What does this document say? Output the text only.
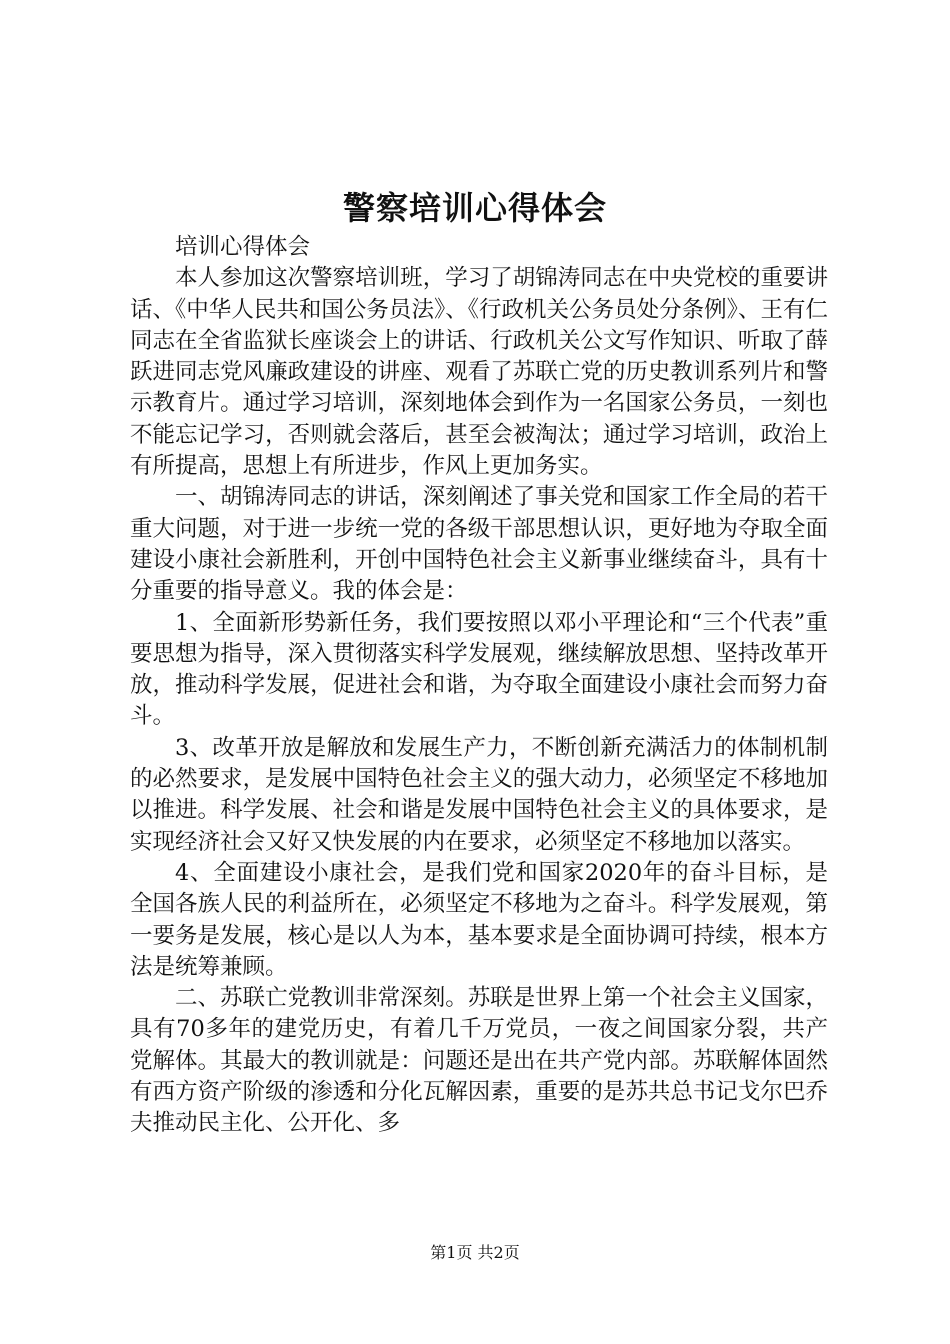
警察培训心得体会

培训心得体会

本人参加这次警察培训班，学习了胡锦涛同志在中央党校的重要讲话、《中华人民共和国公务员法》、《行政机关公务员处分条例》、王有仁同志在全省监狱长座谈会上的讲话、行政机关公文写作知识、听取了薛跃进同志党风廉政建设的讲座、观看了苏联亡党的历史教训系列片和警示教育片。通过学习培训，深刻地体会到作为一名国家公务员，一刻也不能忘记学习，否则就会落后，甚至会被淘汰；通过学习培训，政治上有所提高，思想上有所进步，作风上更加务实。

一、胡锦涛同志的讲话，深刻阐述了事关党和国家工作全局的若干重大问题，对于进一步统一党的各级干部思想认识，更好地为夺取全面建设小康社会新胜利，开创中国特色社会主义新事业继续奋斗，具有十分重要的指导意义。我的体会是：

1、全面新形势新任务，我们要按照以邓小平理论和“三个代表”重要思想为指导，深入贯彻落实科学发展观，继续解放思想、坚持改革开放，推动科学发展，促进社会和谐，为夺取全面建设小康社会而努力奋斗。

3、改革开放是解放和发展生产力，不断创新充满活力的体制机制的必然要求，是发展中国特色社会主义的强大动力，必须坚定不移地加以推进。科学发展、社会和谐是发展中国特色社会主义的具体要求，是实现经济社会又好又快发展的内在要求，必须坚定不移地加以落实。

4、全面建设小康社会，是我们党和国家2020年的奋斗目标，是全国各族人民的利益所在，必须坚定不移地为之奋斗。科学发展观，第一要务是发展，核心是以人为本，基本要求是全面协调可持续，根本方法是统筹兼顾。

二、苏联亡党教训非常深刻。苏联是世界上第一个社会主义国家，具有70多年的建党历史，有着几千万党员，一夜之间国家分裂，共产党解体。其最大的教训就是：问题还是出在共产党内部。苏联解体固然有西方资产阶级的渗透和分化瓦解因素，重要的是苏共总书记戈尔巴乔夫推动民主化、公开化、多

第1页 共2页
